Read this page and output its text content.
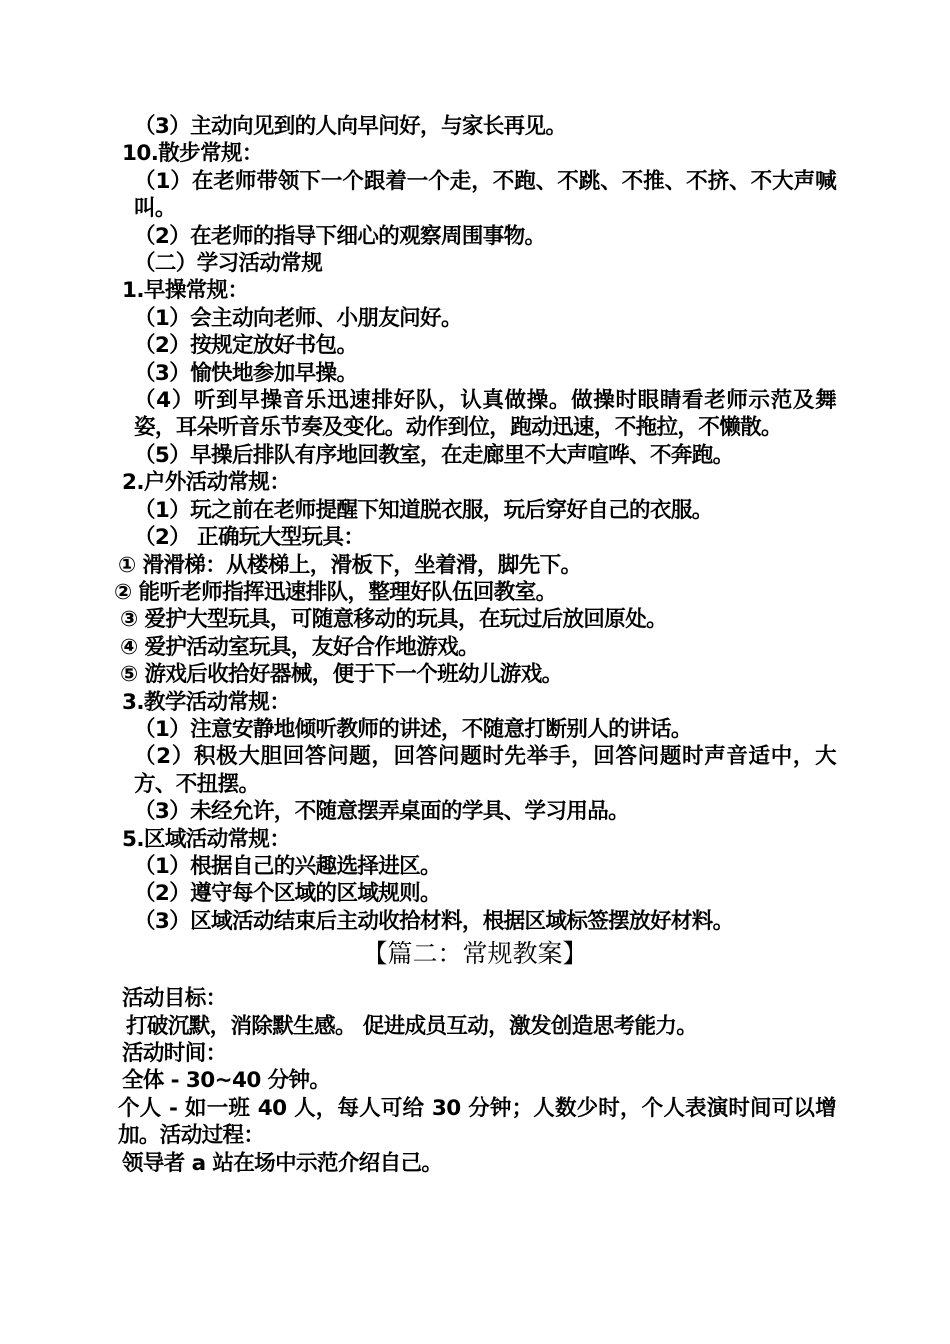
（3）主动向见到的人向早问好，与家长再见。
10.散步常规：
（1）在老师带领下一个跟着一个走，不跑、不跳、不推、不挤、不大声喊叫。
（2）在老师的指导下细心的观察周围事物。
（二）学习活动常规
1.早操常规：
（1）会主动向老师、小朋友问好。
（2）按规定放好书包。
（3）愉快地参加早操。
（4）听到早操音乐迅速排好队，认真做操。做操时眼睛看老师示范及舞姿，耳朵听音乐节奏及变化。动作到位，跑动迅速，不拖拉，不懒散。
（5）早操后排队有序地回教室，在走廊里不大声喧哗、不奔跑。
2.户外活动常规：
（1）玩之前在老师提醒下知道脱衣服，玩后穿好自己的衣服。
（2） 正确玩大型玩具：
① 滑滑梯：从楼梯上，滑板下，坐着滑，脚先下。
② 能听老师指挥迅速排队，整理好队伍回教室。
③ 爱护大型玩具，可随意移动的玩具，在玩过后放回原处。
④ 爱护活动室玩具，友好合作地游戏。
⑤ 游戏后收拾好器械，便于下一个班幼儿游戏。
3.教学活动常规：
（1）注意安静地倾听教师的讲述，不随意打断别人的讲话。
（2）积极大胆回答问题，回答问题时先举手，回答问题时声音适中，大方、不扭摆。
（3）未经允许，不随意摆弄桌面的学具、学习用品。
5.区域活动常规：
（1）根据自己的兴趣选择进区。
（2）遵守每个区域的区域规则。
（3）区域活动结束后主动收拾材料，根据区域标签摆放好材料。
【篇二：常规教案】
活动目标：
打破沉默，消除默生感。 促进成员互动，激发创造思考能力。
活动时间：
全体 - 30~40 分钟。
个人 - 如一班 40 人，每人可给 30 分钟；人数少时，个人表演时间可以增加。活动过程：
领导者 a 站在场中示范介绍自己。
